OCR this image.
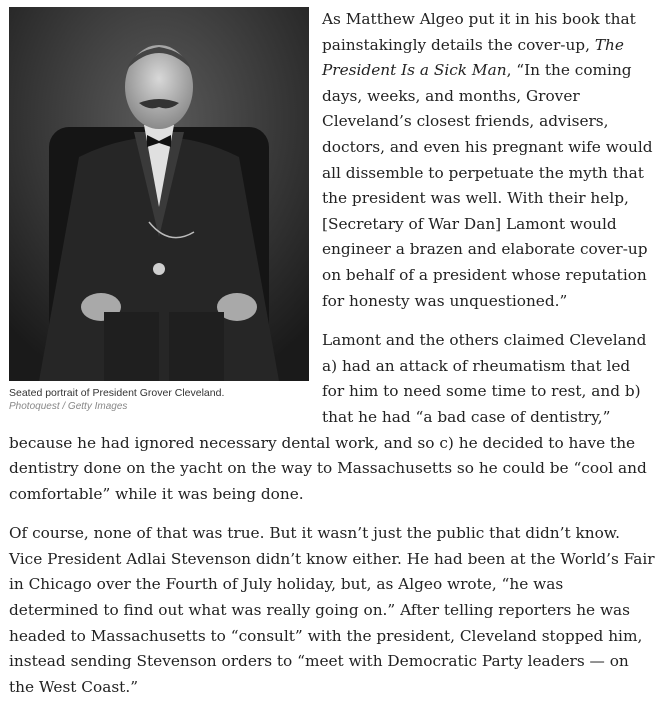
Seated portrait of President Grover Cleveland.
Photoquest / Getty Images

As Matthew Algeo put it in his book that painstakingly details the cover-up, The President Is a Sick Man, “In the coming days, weeks, and months, Grover Cleveland’s closest friends, advisers, doctors, and even his pregnant wife would all dissemble to perpetuate the myth that the president was well. With their help, [Secretary of War Dan] Lamont would engineer a brazen and elaborate cover-up on behalf of a president whose reputation for honesty was unquestioned.”

Lamont and the others claimed Cleveland a) had an attack of rheumatism that led for him to need some time to rest, and b) that he had “a bad case of dentistry,” because he had ignored necessary dental work, and so c) he decided to have the dentistry done on the yacht on the way to Massachusetts so he could be “cool and comfortable” while it was being done.

Of course, none of that was true. But it wasn’t just the public that didn’t know. Vice President Adlai Stevenson didn’t know either. He had been at the World’s Fair in Chicago over the Fourth of July holiday, but, as Algeo wrote, “he was determined to find out what was really going on.” After telling reporters he was headed to Massachusetts to “consult” with the president, Cleveland stopped him, instead sending Stevenson orders to “meet with Democratic Party leaders — on the West Coast.”
